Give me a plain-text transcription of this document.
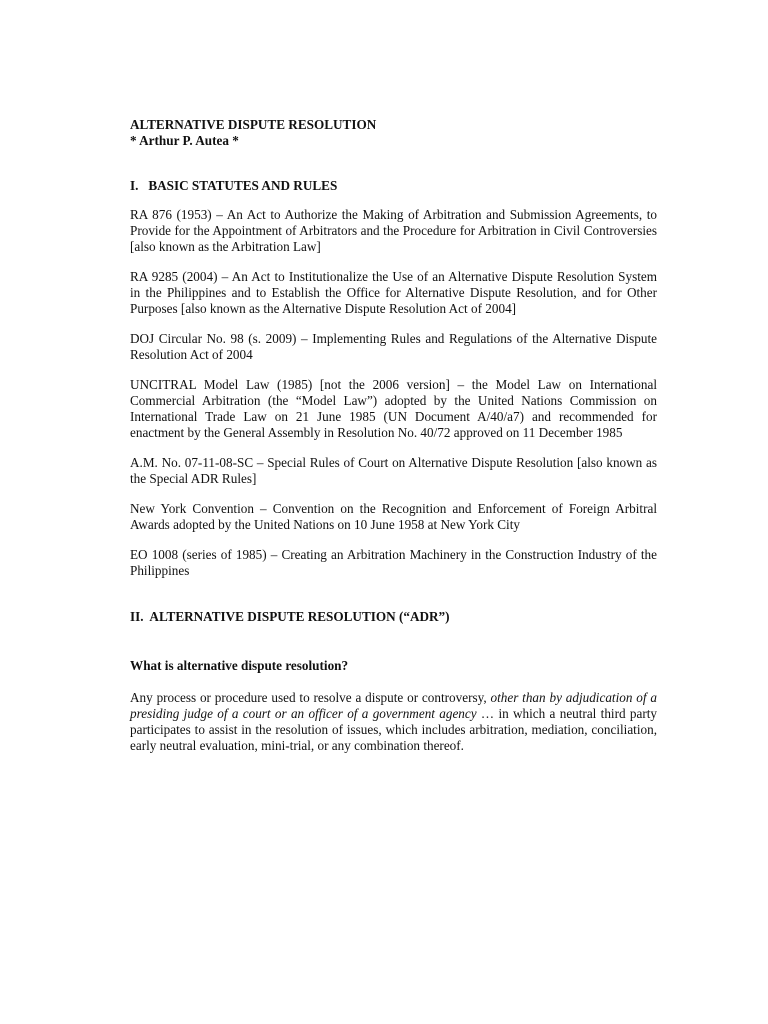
ALTERNATIVE DISPUTE RESOLUTION
* Arthur P. Autea *
I.   BASIC STATUTES AND RULES
RA 876 (1953) – An Act to Authorize the Making of Arbitration and Submission Agreements, to Provide for the Appointment of Arbitrators and the Procedure for Arbitration in Civil Controversies [also known as the Arbitration Law]
RA 9285 (2004) – An Act to Institutionalize the Use of an Alternative Dispute Resolution System in the Philippines and to Establish the Office for Alternative Dispute Resolution, and for Other Purposes [also known as the Alternative Dispute Resolution Act of 2004]
DOJ Circular No. 98 (s. 2009) – Implementing Rules and Regulations of the Alternative Dispute Resolution Act of 2004
UNCITRAL Model Law (1985) [not the 2006 version] – the Model Law on International Commercial Arbitration (the “Model Law”) adopted by the United Nations Commission on International Trade Law on 21 June 1985 (UN Document A/40/a7) and recommended for enactment by the General Assembly in Resolution No. 40/72 approved on 11 December 1985
A.M. No. 07-11-08-SC – Special Rules of Court on Alternative Dispute Resolution [also known as the Special ADR Rules]
New York Convention – Convention on the Recognition and Enforcement of Foreign Arbitral Awards adopted by the United Nations on 10 June 1958 at New York City
EO 1008 (series of 1985) – Creating an Arbitration Machinery in the Construction Industry of the Philippines
II.  ALTERNATIVE DISPUTE RESOLUTION (“ADR”)
What is alternative dispute resolution?
Any process or procedure used to resolve a dispute or controversy, other than by adjudication of a presiding judge of a court or an officer of a government agency … in which a neutral third party participates to assist in the resolution of issues, which includes arbitration, mediation, conciliation, early neutral evaluation, mini-trial, or any combination thereof.
